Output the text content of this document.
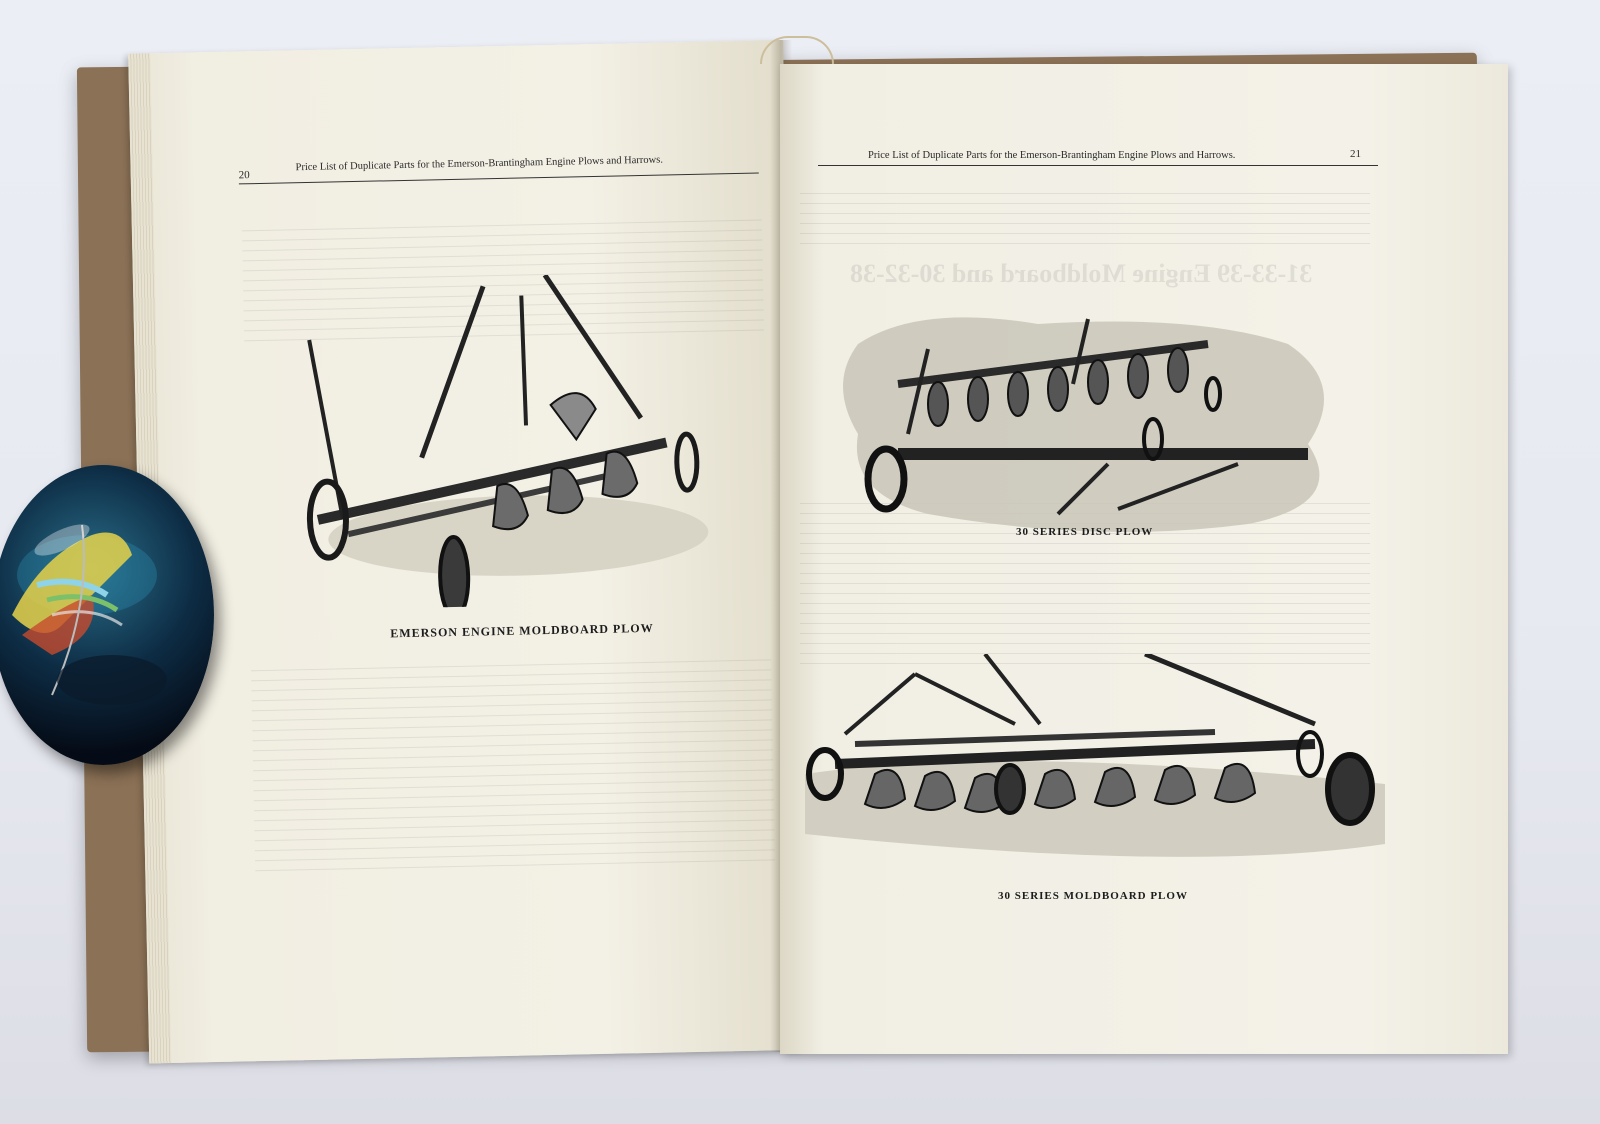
20
Price List of Duplicate Parts for the Emerson-Brantingham Engine Plows and Harrows.
EMERSON ENGINE MOLDBOARD PLOW
Price List of Duplicate Parts for the Emerson-Brantingham Engine Plows and Harrows.	21
31-33-39 Engine Moldboard and 30-32-38
30 SERIES DISC PLOW
30 SERIES MOLDBOARD PLOW
